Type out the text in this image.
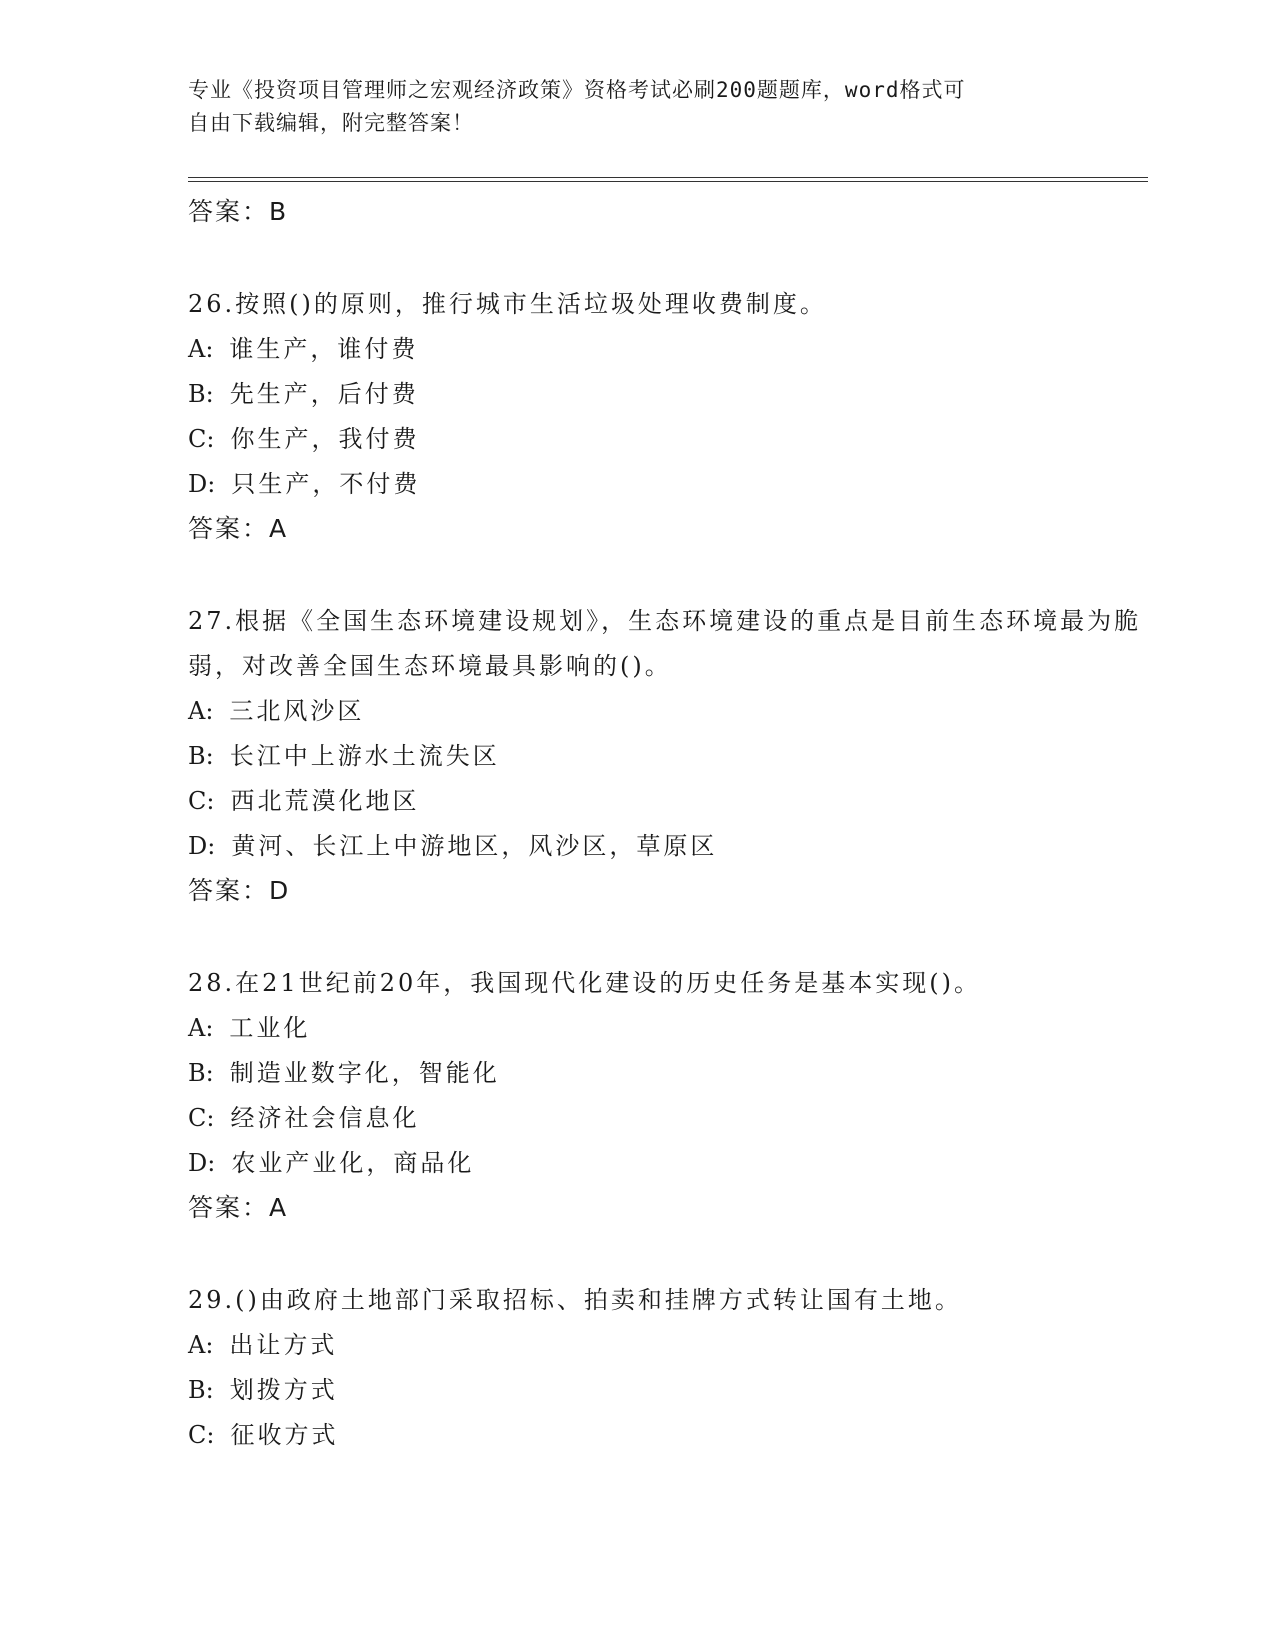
专业《投资项目管理师之宏观经济政策》资格考试必刷200题题库，word格式可
自由下载编辑，附完整答案！
答案：B
26.按照()的原则，推行城市生活垃圾处理收费制度。
A: 谁生产，谁付费
B: 先生产，后付费
C: 你生产，我付费
D: 只生产，不付费
答案：A
27.根据《全国生态环境建设规划》，生态环境建设的重点是目前生态环境最为脆弱，对改善全国生态环境最具影响的()。
A: 三北风沙区
B: 长江中上游水土流失区
C: 西北荒漠化地区
D: 黄河、长江上中游地区，风沙区，草原区
答案：D
28.在21世纪前20年，我国现代化建设的历史任务是基本实现()。
A: 工业化
B: 制造业数字化，智能化
C: 经济社会信息化
D: 农业产业化，商品化
答案：A
29.()由政府土地部门采取招标、拍卖和挂牌方式转让国有土地。
A: 出让方式
B: 划拨方式
C: 征收方式
